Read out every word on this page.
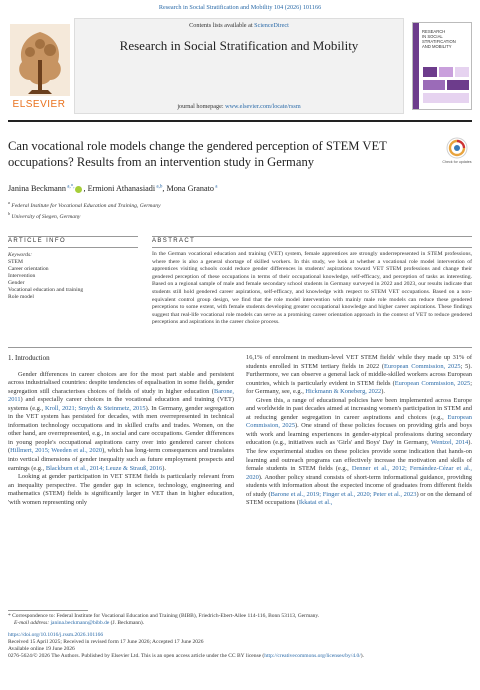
Research in Social Stratification and Mobility 104 (2026) 101166
Contents lists available at ScienceDirect
Research in Social Stratification and Mobility
journal homepage: www.elsevier.com/locate/rssm
ELSEVIER
RESEARCH
IN SOCIAL
STRATIFICATION
AND MOBILITY
Can vocational role models change the gendered perception of STEM VET occupations? Results from an intervention study in Germany	Check for updates
Janina Beckmann $^{a,*,}$ , Ermioni Athanasiadi $^{a,b}$, Mona Granato $^a$
$^a$ Federal Institute for Vocational Education and Training, Germany
$^b$ University of Siegen, Germany
ARTICLE INFO	ABSTRACT
Keywords:
STEM
Career orientation
Intervention
Gender
Vocational education and training
Role model
In the German vocational education and training (VET) system, female apprentices are strongly underrepresented in STEM professions, where there is also a general shortage of skilled workers. In this study, we look at whether a vocational role model intervention of apprentices visiting schools could reduce gender differences in students' aspirations toward VET STEM professions and change their gendered perception of these occupations in terms of their occupational knowledge, self-efficacy, and perception of tasks as interesting. Based on a regional sample of male and female secondary school students in Germany surveyed in 2022 and 2023, our results indicate that students still hold gendered career aspirations, self-efficacy, and knowledge with respect to STEM VET occupations. Based on a non-equivalent control group design, we find that the role model intervention with mainly male role models can reduce these gendered perceptions to some extent, with female students developing greater occupational knowledge and higher career aspirations. These findings suggest that real-life vocational role models can serve as a promising career orientation approach in the context of VET to reduce gendered perceptions and aspirations in the career choice process.
1. Introduction

Gender differences in career choices are for the most part stable and persistent across industrialised countries: despite tendencies of equalisation in some fields, gender segregation still characterises choices of fields of study in higher education (Barone, 2011) and especially career choices in the vocational education and training (VET) systems (e.g., Kroll, 2021; Smyth & Steinmetz, 2015). In Germany, gender segregation in the VET system has persisted for decades, with men overrepresented in technical information technology occupations and in skilled crafts and trades. Women, on the other hand, are overrepresented, e.g., in social and care occupations. Gender differences in young people's occupational aspirations carry over into gendered career choices (Hillmert, 2015; Weeden et al., 2020), which has long-term consequences and translates into vertical dimensions of gender inequality such as future employment prospects and earnings (e.g., Blackburn et al., 2014; Leuze & Strauß, 2016).

Looking at gender participation in VET STEM fields is particularly relevant from an inequality perspective. The gender gap in science, technology, engineering and mathematics (STEM) fields is significantly larger in VET than in higher education, 'with women representing only

16,1% of enrolment in medium-level VET STEM fields' while they made up 31% of students enrolled in STEM tertiary fields in 2022 (European Commission, 2025; 5). Furthermore, we can observe a general lack of middle-skilled workers across European countries, which is particularly evident in STEM fields (European Commission, 2025; for Germany, see, e.g., Hickmann & Koneberg, 2022).

Given this, a range of educational policies have been implemented across Europe and worldwide in past decades aimed at increasing women's participation in STEM and at reducing gender segregation in career aspirations and choices (e.g., European Commission, 2025). One strand of these policies focuses on providing girls and boys with work and learning experiences in gender-atypical professions during secondary education (e.g., initiatives such as 'Girls' and Boys' Day' in Germany, Wentzel, 2014). The few experimental studies on these policies provide some indication that hands-on learning and outreach programs can effectively increase the motivation and skills of female students in STEM fields (e.g., Denner et al., 2012; Fernández-Cézar et al., 2020). Another policy strand consists of short-term informational guidance, providing students with information about the expected income of graduates from different fields of study (Barone et al., 2019; Finger et al., 2020; Peter et al., 2023) or on the demand of STEM occupations (Ikkatai et al.,

* Correspondence to: Federal Institute for Vocational Education and Training (BIBB), Friedrich-Ebert-Allee 114-116, Bonn 53113, Germany.
E-mail address: janina.beckmann@bibb.de (J. Beckmann).
https://doi.org/10.1016/j.rssm.2026.101166
Received 15 April 2025; Received in revised form 17 June 2026; Accepted 17 June 2026
Available online 19 June 2026
0276-5624/© 2026 The Authors. Published by Elsevier Ltd. This is an open access article under the CC BY license (http://creativecommons.org/licenses/by/4.0/).
